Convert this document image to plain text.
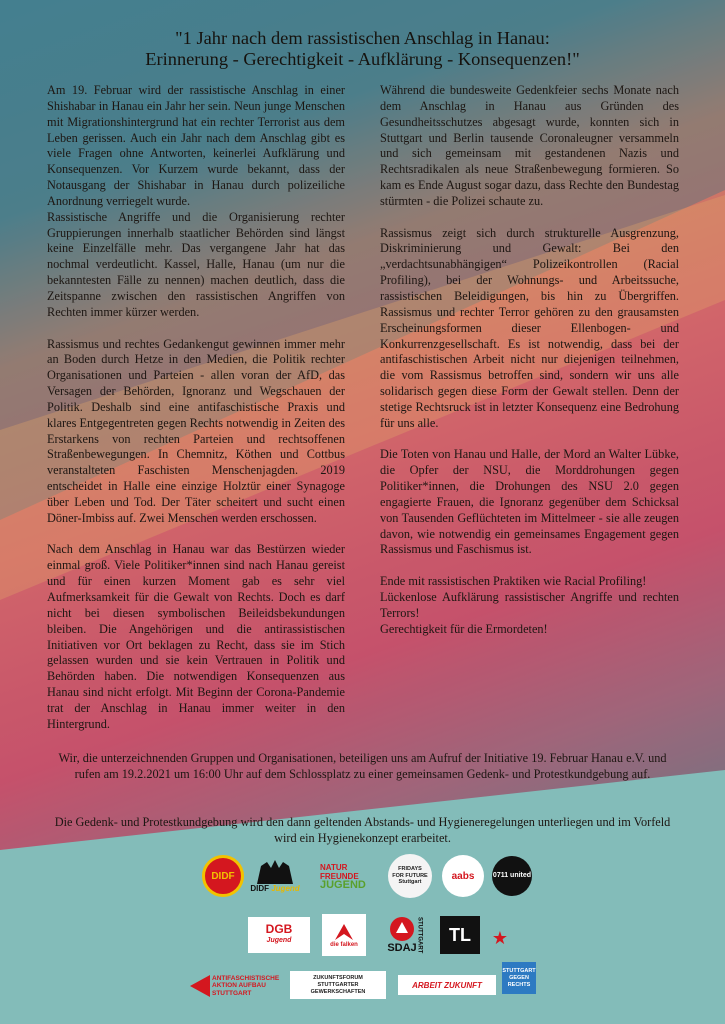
"1 Jahr nach dem rassistischen Anschlag in Hanau:
Erinnerung - Gerechtigkeit - Aufklärung - Konsequenzen!"

Am 19. Februar wird der rassistische Anschlag in einer Shishabar in Hanau ein Jahr her sein. Neun junge Menschen mit Migrationshintergrund hat ein rechter Terrorist aus dem Leben gerissen. Auch ein Jahr nach dem Anschlag gibt es viele Fragen ohne Antworten, keinerlei Aufklärung und Konsequenzen. Vor Kurzem wurde bekannt, dass der Notausgang der Shishabar in Hanau durch polizeiliche Anordnung verriegelt wurde.

Rassistische Angriffe und die Organisierung rechter Gruppierungen innerhalb staatlicher Behörden sind längst keine Einzelfälle mehr. Das vergangene Jahr hat das nochmal verdeutlicht. Kassel, Halle, Hanau (um nur die bekanntesten Fälle zu nennen) machen deutlich, dass die Zeitspanne zwischen den rassistischen Angriffen von Rechten immer kürzer werden.

Rassismus und rechtes Gedankengut gewinnen immer mehr an Boden durch Hetze in den Medien, die Politik rechter Organisationen und Parteien - allen voran der AfD, das Versagen der Behörden, Ignoranz und Wegschauen der Politik. Deshalb sind eine antifaschistische Praxis und klares Entgegentreten gegen Rechts notwendig in Zeiten des Erstarkens von rechten Parteien und rechtsoffenen Straßenbewegungen. In Chemnitz, Köthen und Cottbus veranstalteten Faschisten Menschenjagden. 2019 entscheidet in Halle eine einzige Holztür einer Synagoge über Leben und Tod. Der Täter scheitert und sucht einen Döner-Imbiss auf. Zwei Menschen werden erschossen.

Nach dem Anschlag in Hanau war das Bestürzen wieder einmal groß. Viele Politiker*innen sind nach Hanau gereist und für einen kurzen Moment gab es sehr viel Aufmerksamkeit für die Gewalt von Rechts. Doch es darf nicht bei diesen symbolischen Beileidsbekundungen bleiben. Die Angehörigen und die antirassistischen Initiativen vor Ort beklagen zu Recht, dass sie im Stich gelassen wurden und sie kein Vertrauen in Politik und Behörden haben. Die notwendigen Konsequenzen aus Hanau sind nicht erfolgt. Mit Beginn der Corona-Pandemie trat der Anschlag in Hanau immer weiter in den Hintergrund.

Während die bundesweite Gedenkfeier sechs Monate nach dem Anschlag in Hanau aus Gründen des Gesundheitsschutzes abgesagt wurde, konnten sich in Stuttgart und Berlin tausende Coronaleugner versammeln und sich gemeinsam mit gestandenen Nazis und Rechtsradikalen als neue Straßenbewegung formieren. So kam es Ende August sogar dazu, dass Rechte den Bundestag stürmten - die Polizei schaute zu.

Rassismus zeigt sich durch strukturelle Ausgrenzung, Diskriminierung und Gewalt: Bei den „verdachtsunabhängigen“ Polizeikontrollen (Racial Profiling), bei der Wohnungs- und Arbeitssuche, rassistischen Beleidigungen, bis hin zu Übergriffen. Rassismus und rechter Terror gehören zu den grausamsten Erscheinungsformen dieser Ellenbogen- und Konkurrenzgesellschaft. Es ist notwendig, dass bei der antifaschistischen Arbeit nicht nur diejenigen teilnehmen, die vom Rassismus betroffen sind, sondern wir uns alle solidarisch gegen diese Form der Gewalt stellen. Denn der stetige Rechtsruck ist in letzter Konsequenz eine Bedrohung für uns alle.

Die Toten von Hanau und Halle, der Mord an Walter Lübke, die Opfer der NSU, die Morddrohungen gegen Politiker*innen, die Drohungen des NSU 2.0 gegen engagierte Frauen, die Ignoranz gegenüber dem Schicksal von Tausenden Geflüchteten im Mittelmeer - sie alle zeugen davon, wie notwendig ein gemeinsames Engagement gegen Rassismus und Faschismus ist.

Ende mit rassistischen Praktiken wie Racial Profiling!

Lückenlose Aufklärung rassistischer Angriffe und rechten Terrors!

Gerechtigkeit für die Ermordeten!

Wir, die unterzeichnenden Gruppen und Organisationen, beteiligen uns am Aufruf der Initiative 19. Februar Hanau e.V. und rufen am 19.2.2021 um 16:00 Uhr auf dem Schlossplatz zu einer gemeinsamen Gedenk- und Protestkundgebung auf.
Die Gedenk- und Protestkundgebung wird den dann geltenden Abstands- und Hygieneregelungen unterliegen und im Vorfeld wird ein Hygienekonzept erarbeitet.
DIDF
DIDF Jugend
NATUR
FREUNDE
JUGEND
FRIDAYS FOR FUTURE
Stuttgart
aabs	0711 united
DGB
Jugend
die falken	SDAJ STUTTGART TL ★
ANTIFASCHISTISCHE
AKTION AUFBAU
STUTTGART
ZUKUNFTSFORUM STUTTGARTER GEWERKSCHAFTEN
ARBEIT ZUKUNFT
STUTTGART
GEGEN
RECHTS
